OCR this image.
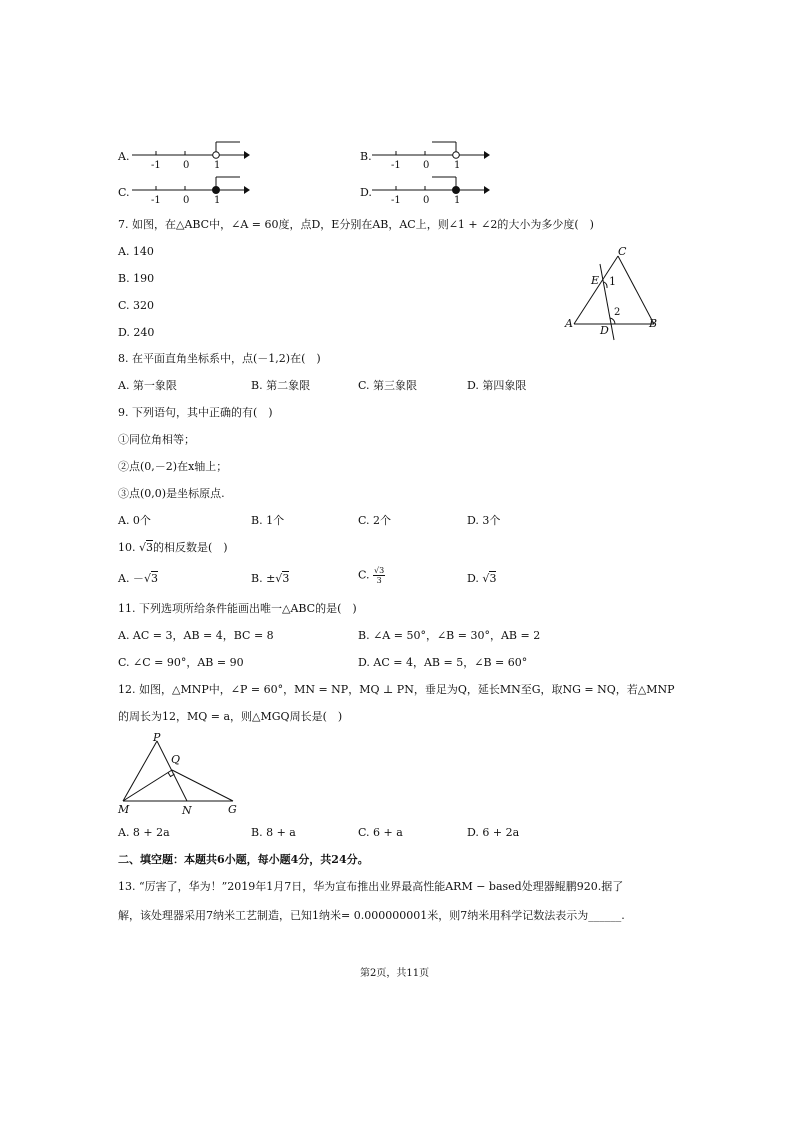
A.
-1 0 1
B.
-1 0 1
C.
-1 0 1
D.
-1 0 1
7. 如图，在△ABC中，∠A = 60度，点D，E分别在AB，AC上，则∠1 + ∠2的大小为多少度(　)
A. 140
B. 190
C. 320
D. 240
C
E 1
2
A
D
B
8. 在平面直角坐标系中，点(－1,2)在(　)
A. 第一象限	B. 第二象限	C. 第三象限	D. 第四象限
9. 下列语句，其中正确的有(　)
①同位角相等；
②点(0,－2)在x轴上；
③点(0,0)是坐标原点.
A. 0个	B. 1个	C. 2个	D. 3个
10. √3的相反数是(　)
A. －√3	B. ±√3	C. $\frac{√3}{3}$	D. √3
11. 下列选项所给条件能画出唯一△ABC的是(　)
A. AC = 3，AB = 4，BC = 8	B. ∠A = 50°，∠B = 30°，AB = 2
C. ∠C = 90°，AB = 90	D. AC = 4，AB = 5，∠B = 60°
12. 如图，△MNP中，∠P = 60°，MN = NP，MQ ⊥ PN，垂足为Q，延长MN至G，取NG = NQ，若△MNP
的周长为12，MQ = a，则△MGQ周长是(　)
P
Q
M	N	G
A. 8 + 2a	B. 8 + a	C. 6 + a	D. 6 + 2a
二、填空题：本题共6小题，每小题4分，共24分。
13. “厉害了，华为！”2019年1月7日，华为宣布推出业界最高性能ARM − based处理器鲲鹏920.据了
解，该处理器采用7纳米工艺制造，已知1纳米= 0.000000001米，则7纳米用科学记数法表示为______.
第2页，共11页
